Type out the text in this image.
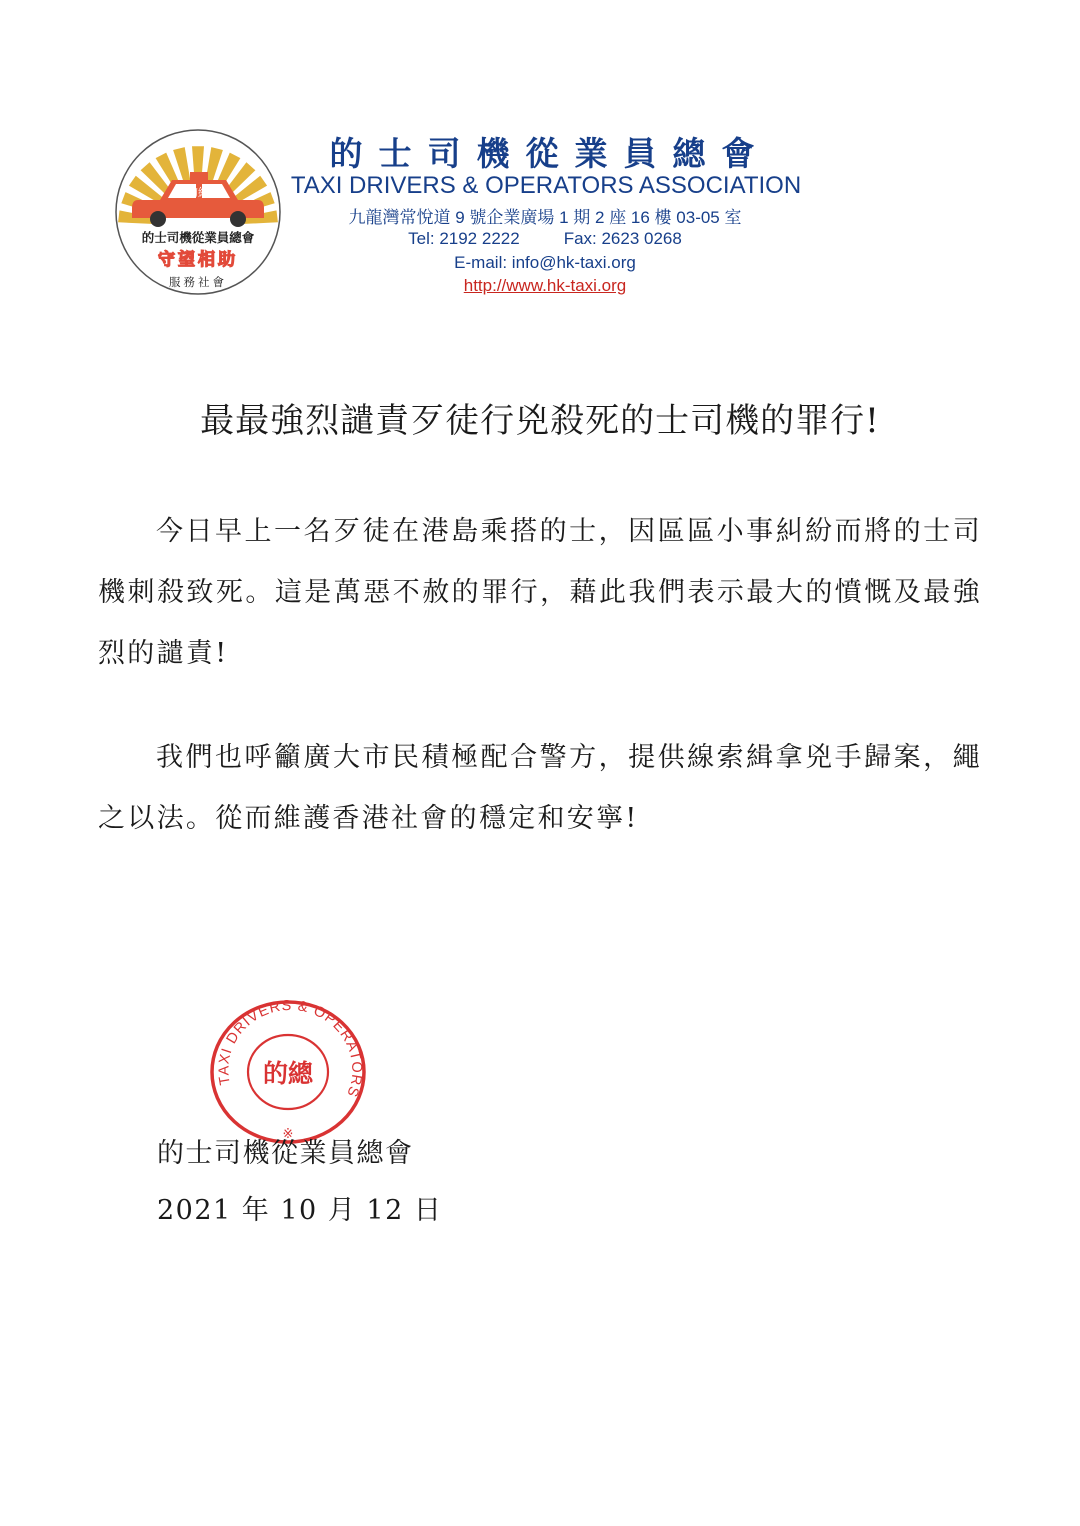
的總
的士司機從業員總會
守望相助
服務社會
的士司機從業員總會
TAXI DRIVERS & OPERATORS ASSOCIATION
九龍灣常悅道 9 號企業廣場 1 期 2 座 16 樓 03-05 室
Tel: 2192 2222	Fax: 2623 0268
E-mail: info@hk-taxi.org
http://www.hk-taxi.org
最最強烈譴責歹徒行兇殺死的士司機的罪行!

今日早上一名歹徒在港島乘搭的士，因區區小事糾紛而將的士司機刺殺致死。這是萬惡不赦的罪行，藉此我們表示最大的憤慨及最強烈的譴責!

我們也呼籲廣大市民積極配合警方，提供線索緝拿兇手歸案，繩之以法。從而維護香港社會的穩定和安寧!

TAXI DRIVERS & OPERATORS
的總
※
的士司機從業員總會
2021 年 10 月 12 日
